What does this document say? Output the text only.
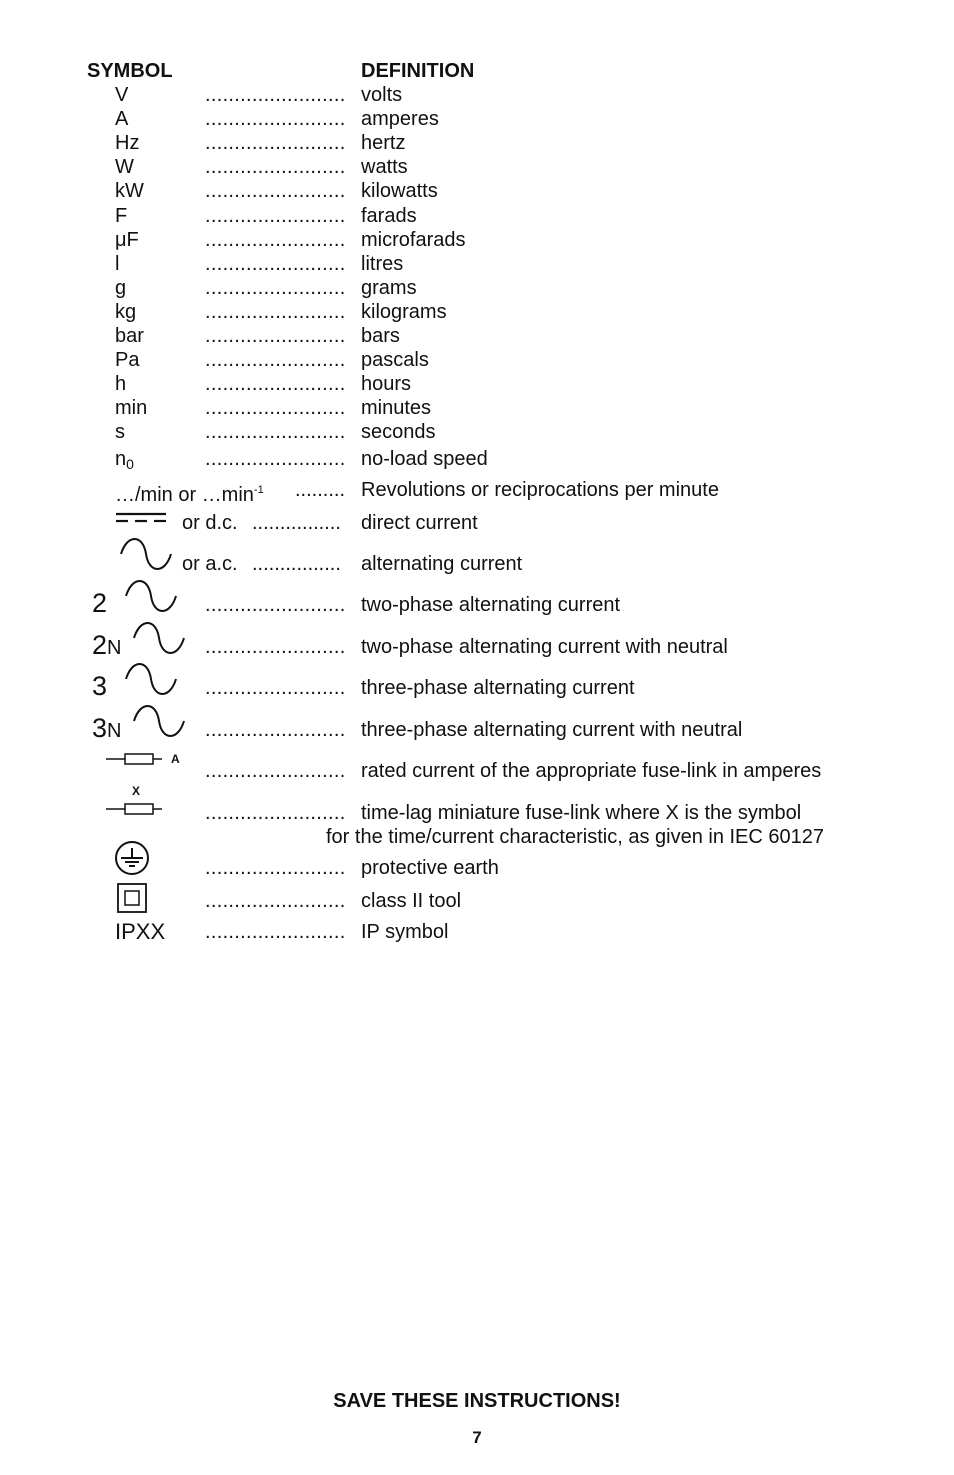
SYMBOL	DEFINITION
V	........................ volts
A	........................ amperes
Hz	........................ hertz
W	........................ watts
kW	........................ kilowatts
F	........................ farads
μF	........................ microfarads
l	........................ litres
g	........................ grams
kg	........................ kilograms
bar	........................ bars
Pa	........................ pascals
h	........................ hours
min	........................ minutes
s	........................ seconds
$n_0$	........................ no-load speed
…/min or $\dots\min^{-1}$ ......... Revolutions or reciprocations per minute
or d.c. ................ direct current
or a.c. ................ alternating current
2	........................ two-phase alternating current
2N	........................ two-phase alternating current with neutral
3	........................ three-phase alternating current
3N	........................ three-phase alternating current with neutral
A
........................ rated current of the appropriate fuse-link in amperes
X
........................ time-lag miniature fuse-link where X is the symbol
for the time/current characteristic, as given in IEC 60127
........................ protective earth
........................ class II tool
IPXX ........................ IP symbol
SAVE THESE INSTRUCTIONS!
7
